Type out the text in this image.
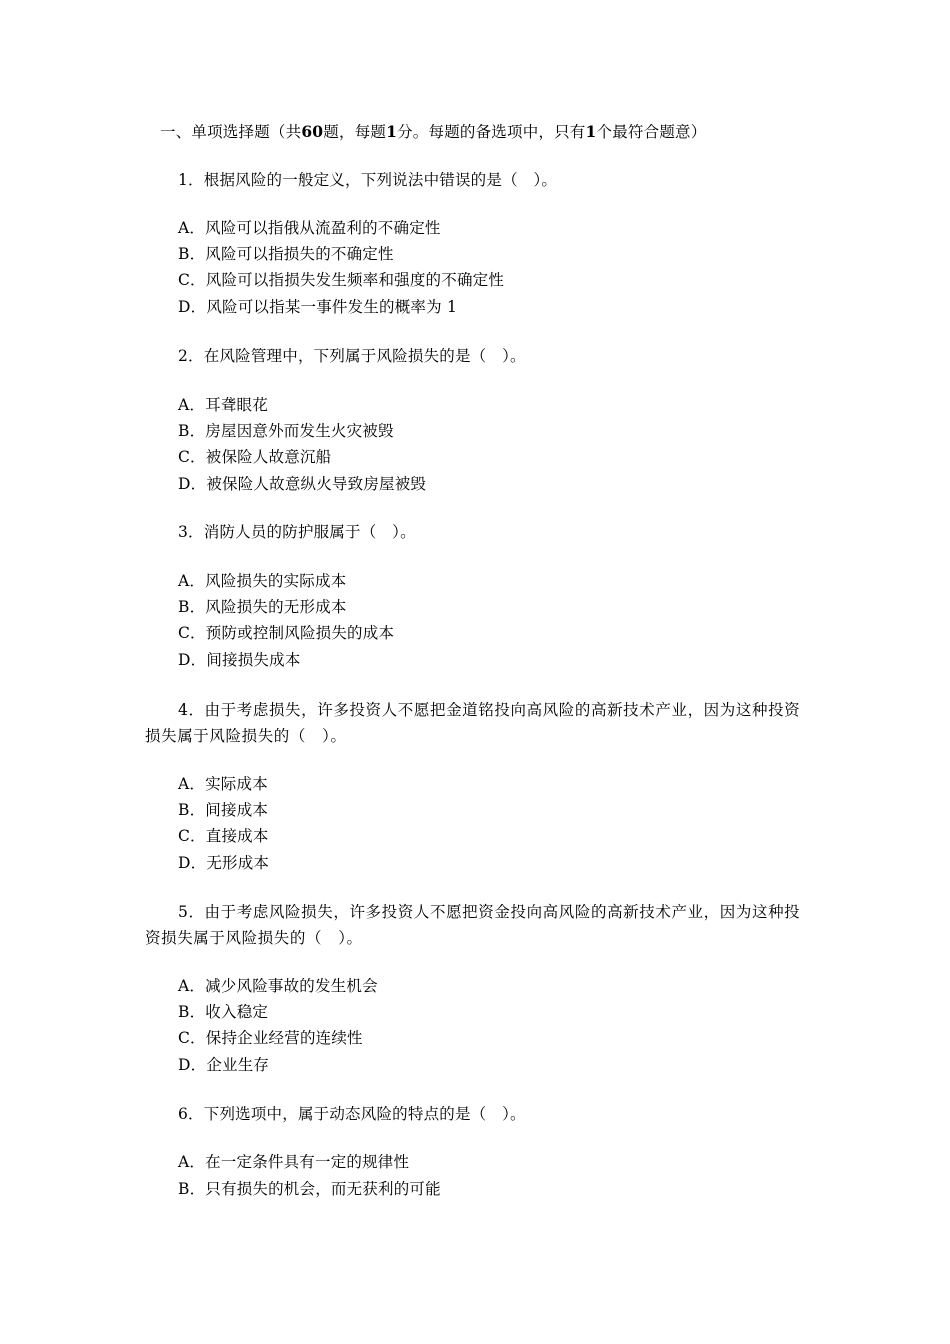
一、单项选择题（共60题，每题1分。每题的备选项中，只有1个最符合题意）
1．根据风险的一般定义，下列说法中错误的是（　）。
A．风险可以指俄从流盈利的不确定性
B．风险可以指损失的不确定性
C．风险可以指损失发生频率和强度的不确定性
D．风险可以指某一事件发生的概率为 1
2．在风险管理中，下列属于风险损失的是（　）。
A．耳聋眼花
B．房屋因意外而发生火灾被毁
C．被保险人故意沉船
D．被保险人故意纵火导致房屋被毁
3．消防人员的防护服属于（　）。
A．风险损失的实际成本
B．风险损失的无形成本
C．预防或控制风险损失的成本
D．间接损失成本
4．由于考虑损失，许多投资人不愿把金道铭投向高风险的高新技术产业，因为这种投资损失属于风险损失的（　）。
A．实际成本
B．间接成本
C．直接成本
D．无形成本
5．由于考虑风险损失，许多投资人不愿把资金投向高风险的高新技术产业，因为这种投资损失属于风险损失的（　）。
A．减少风险事故的发生机会
B．收入稳定
C．保持企业经营的连续性
D．企业生存
6．下列选项中，属于动态风险的特点的是（　）。
A．在一定条件具有一定的规律性
B．只有损失的机会，而无获利的可能
